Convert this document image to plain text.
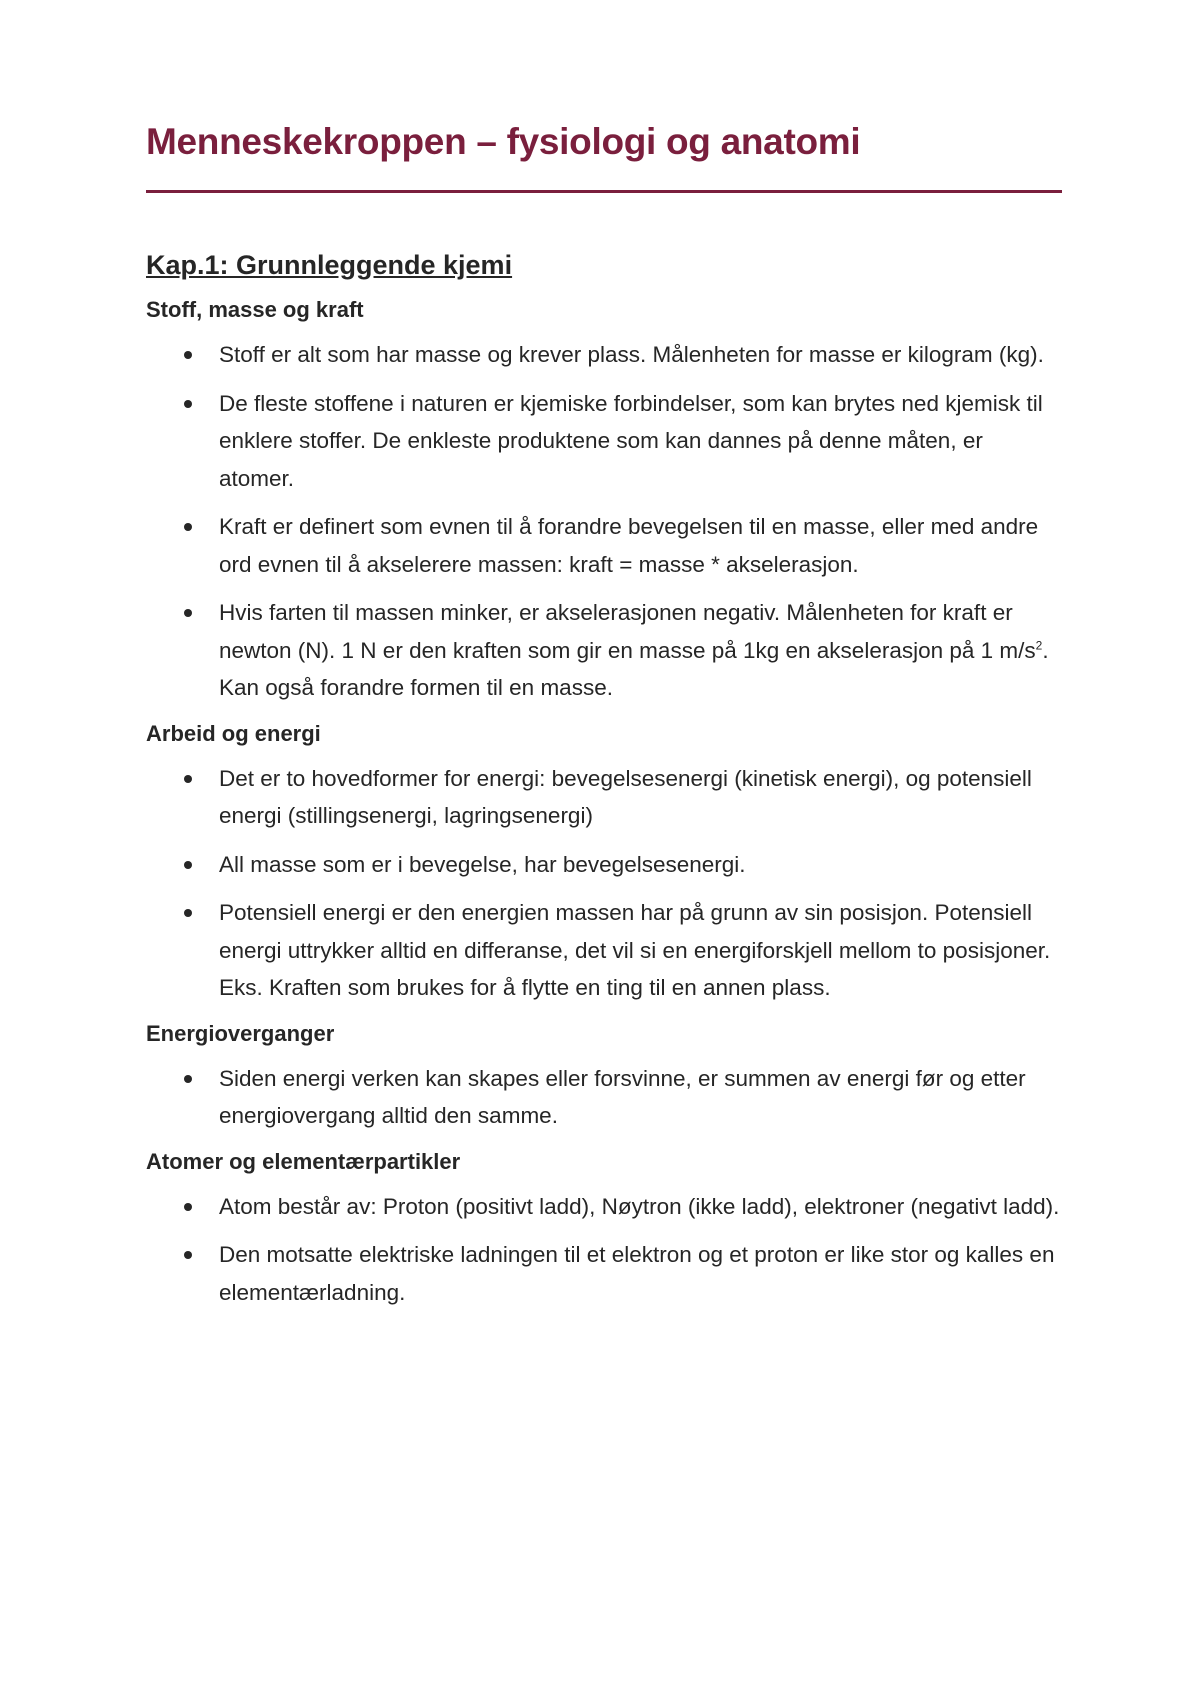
Menneskekroppen – fysiologi og anatomi
Kap.1: Grunnleggende kjemi
Stoff, masse og kraft
Stoff er alt som har masse og krever plass. Målenheten for masse er kilogram (kg).
De fleste stoffene i naturen er kjemiske forbindelser, som kan brytes ned kjemisk til enklere stoffer. De enkleste produktene som kan dannes på denne måten, er atomer.
Kraft er definert som evnen til å forandre bevegelsen til en masse, eller med andre ord evnen til å akselerere massen: kraft = masse * akselerasjon.
Hvis farten til massen minker, er akselerasjonen negativ. Målenheten for kraft er newton (N). 1 N er den kraften som gir en masse på 1kg en akselerasjon på 1 $m/s^2$. Kan også forandre formen til en masse.
Arbeid og energi
Det er to hovedformer for energi: bevegelsesenergi (kinetisk energi), og potensiell energi (stillingsenergi, lagringsenergi)
All masse som er i bevegelse, har bevegelsesenergi.
Potensiell energi er den energien massen har på grunn av sin posisjon. Potensiell energi uttrykker alltid en differanse, det vil si en energiforskjell mellom to posisjoner. Eks. Kraften som brukes for å flytte en ting til en annen plass.
Energioverganger
Siden energi verken kan skapes eller forsvinne, er summen av energi før og etter energiovergang alltid den samme.
Atomer og elementærpartikler
Atom består av: Proton (positivt ladd), Nøytron (ikke ladd), elektroner (negativt ladd).
Den motsatte elektriske ladningen til et elektron og et proton er like stor og kalles en elementærladning.
